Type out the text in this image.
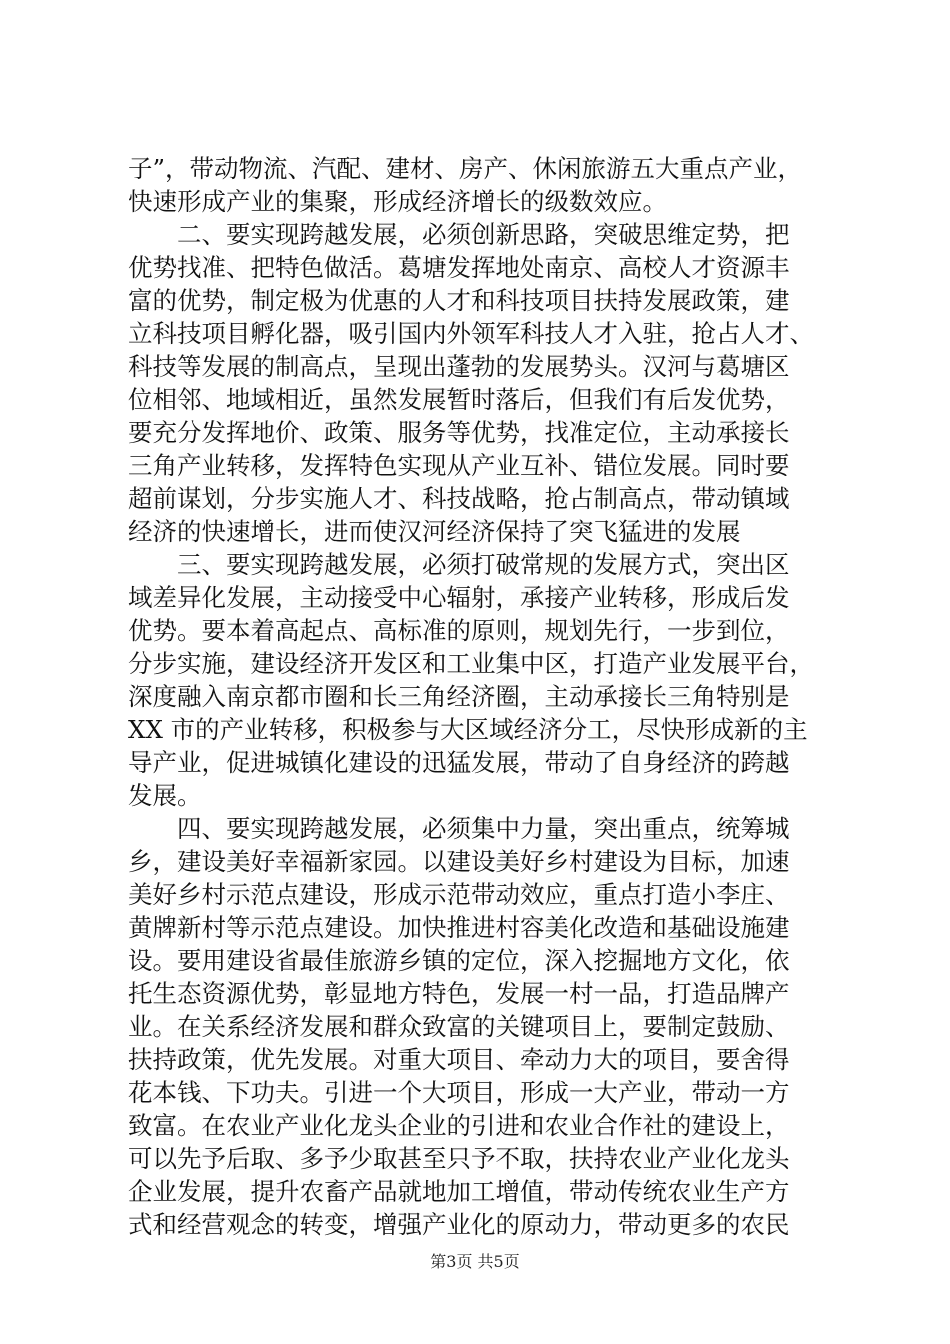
子”，带动物流、汽配、建材、房产、休闲旅游五大重点产业，
快速形成产业的集聚，形成经济增长的级数效应。
　　二、要实现跨越发展，必须创新思路，突破思维定势，把
优势找准、把特色做活。葛塘发挥地处南京、高校人才资源丰
富的优势，制定极为优惠的人才和科技项目扶持发展政策，建
立科技项目孵化器，吸引国内外领军科技人才入驻，抢占人才、
科技等发展的制高点，呈现出蓬勃的发展势头。汉河与葛塘区
位相邻、地域相近，虽然发展暂时落后，但我们有后发优势，
要充分发挥地价、政策、服务等优势，找准定位，主动承接长
三角产业转移，发挥特色实现从产业互补、错位发展。同时要
超前谋划，分步实施人才、科技战略，抢占制高点，带动镇域
经济的快速增长，进而使汉河经济保持了突飞猛进的发展
　　三、要实现跨越发展，必须打破常规的发展方式，突出区
域差异化发展，主动接受中心辐射，承接产业转移，形成后发
优势。要本着高起点、高标准的原则，规划先行，一步到位，
分步实施，建设经济开发区和工业集中区，打造产业发展平台，
深度融入南京都市圈和长三角经济圈，主动承接长三角特别是
XX 市的产业转移，积极参与大区域经济分工，尽快形成新的主
导产业，促进城镇化建设的迅猛发展，带动了自身经济的跨越
发展。
　　四、要实现跨越发展，必须集中力量，突出重点，统筹城
乡，建设美好幸福新家园。以建设美好乡村建设为目标，加速
美好乡村示范点建设，形成示范带动效应，重点打造小李庄、
黄牌新村等示范点建设。加快推进村容美化改造和基础设施建
设。要用建设省最佳旅游乡镇的定位，深入挖掘地方文化，依
托生态资源优势，彰显地方特色，发展一村一品，打造品牌产
业。在关系经济发展和群众致富的关键项目上，要制定鼓励、
扶持政策，优先发展。对重大项目、牵动力大的项目，要舍得
花本钱、下功夫。引进一个大项目，形成一大产业，带动一方
致富。在农业产业化龙头企业的引进和农业合作社的建设上，
可以先予后取、多予少取甚至只予不取，扶持农业产业化龙头
企业发展，提升农畜产品就地加工增值，带动传统农业生产方
式和经营观念的转变，增强产业化的原动力，带动更多的农民
第3页 共5页
